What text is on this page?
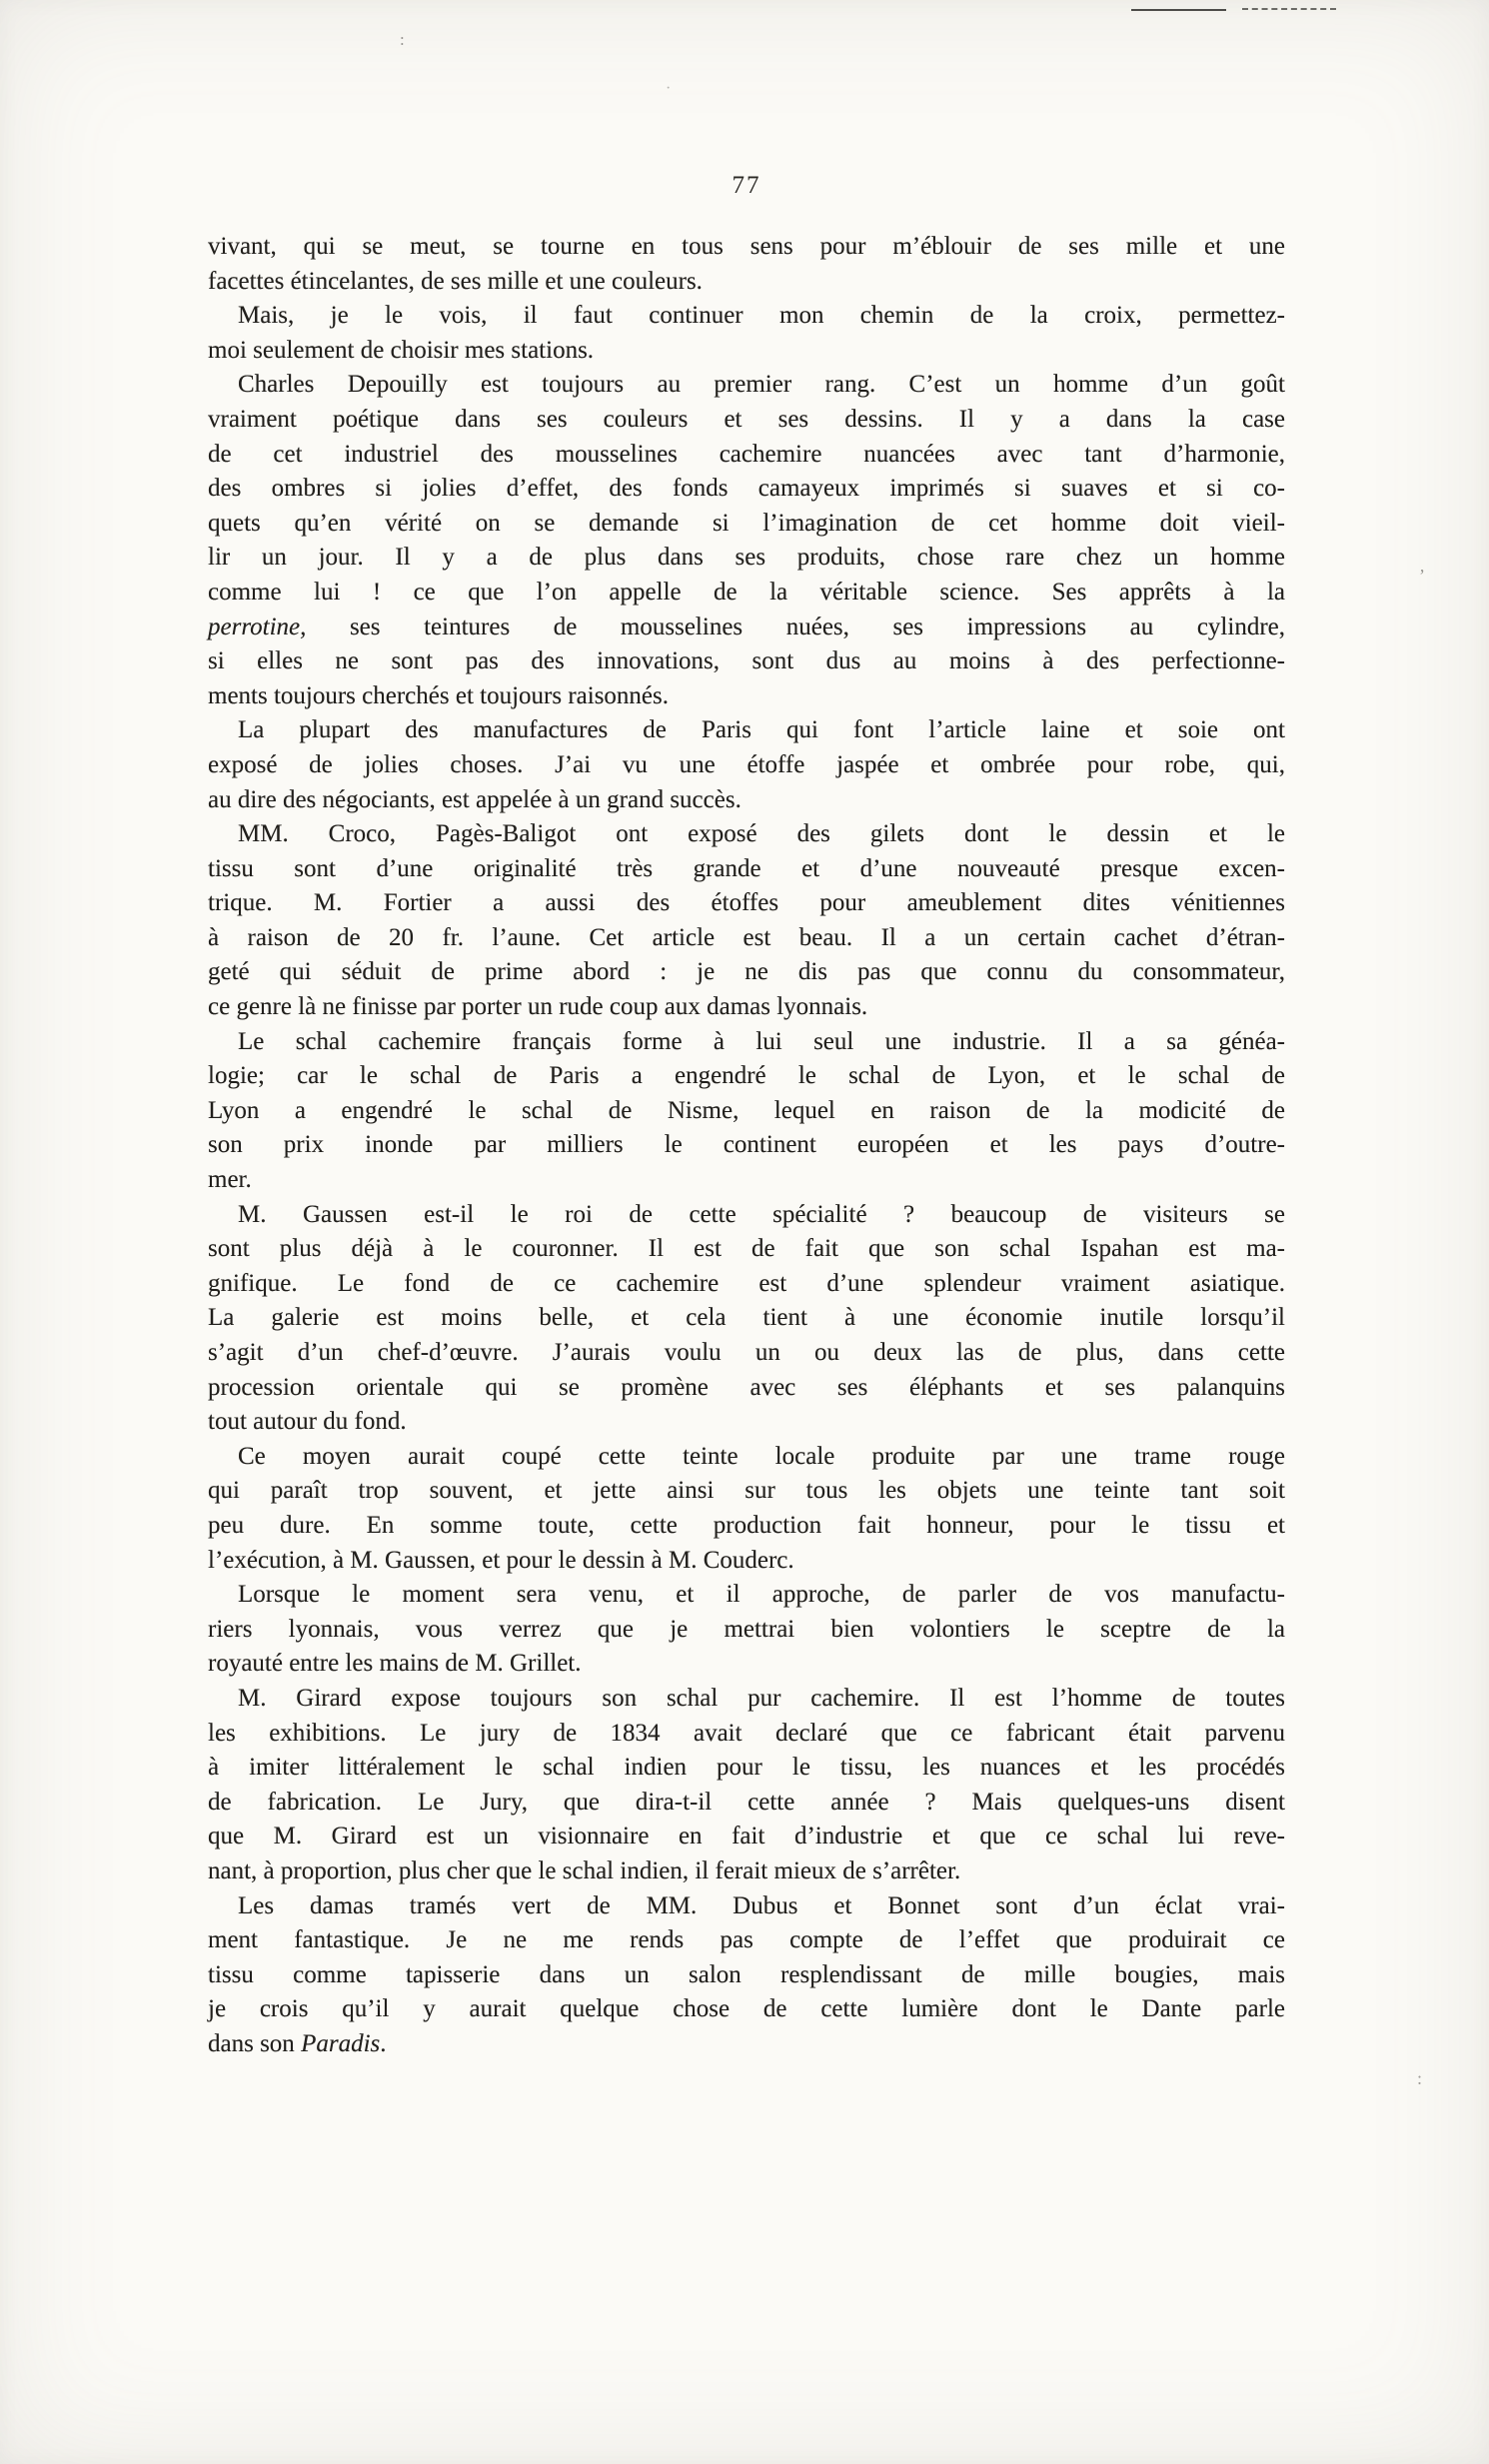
:
·
’
:
77
vivant, qui se meut, se tourne en tous sens pour m’éblouir de ses mille et une
facettes étincelantes, de ses mille et une couleurs.
Mais, je le vois, il faut continuer mon chemin de la croix, permettez-
moi seulement de choisir mes stations.
Charles Depouilly est toujours au premier rang. C’est un homme d’un goût
vraiment poétique dans ses couleurs et ses dessins. Il y a dans la case
de cet industriel des mousselines cachemire nuancées avec tant d’harmonie,
des ombres si jolies d’effet, des fonds camayeux imprimés si suaves et si co-
quets qu’en vérité on se demande si l’imagination de cet homme doit vieil-
lir un jour. Il y a de plus dans ses produits, chose rare chez un homme
comme lui ! ce que l’on appelle de la véritable science. Ses apprêts à la
perrotine, ses teintures de mousselines nuées, ses impressions au cylindre,
si elles ne sont pas des innovations, sont dus au moins à des perfectionne-
ments toujours cherchés et toujours raisonnés.
La plupart des manufactures de Paris qui font l’article laine et soie ont
exposé de jolies choses. J’ai vu une étoffe jaspée et ombrée pour robe, qui,
au dire des négociants, est appelée à un grand succès.
MM. Croco, Pagès-Baligot ont exposé des gilets dont le dessin et le
tissu sont d’une originalité très grande et d’une nouveauté presque excen-
trique. M. Fortier a aussi des étoffes pour ameublement dites vénitiennes
à raison de 20 fr. l’aune. Cet article est beau. Il a un certain cachet d’étran-
geté qui séduit de prime abord : je ne dis pas que connu du consommateur,
ce genre là ne finisse par porter un rude coup aux damas lyonnais.
Le schal cachemire français forme à lui seul une industrie. Il a sa généa-
logie; car le schal de Paris a engendré le schal de Lyon, et le schal de
Lyon a engendré le schal de Nisme, lequel en raison de la modicité de
son prix inonde par milliers le continent européen et les pays d’outre-
mer.
M. Gaussen est-il le roi de cette spécialité ? beaucoup de visiteurs se
sont plus déjà à le couronner. Il est de fait que son schal Ispahan est ma-
gnifique. Le fond de ce cachemire est d’une splendeur vraiment asiatique.
La galerie est moins belle, et cela tient à une économie inutile lorsqu’il
s’agit d’un chef-d’œuvre. J’aurais voulu un ou deux las de plus, dans cette
procession orientale qui se promène avec ses éléphants et ses palanquins
tout autour du fond.
Ce moyen aurait coupé cette teinte locale produite par une trame rouge
qui paraît trop souvent, et jette ainsi sur tous les objets une teinte tant soit
peu dure. En somme toute, cette production fait honneur, pour le tissu et
l’exécution, à M. Gaussen, et pour le dessin à M. Couderc.
Lorsque le moment sera venu, et il approche, de parler de vos manufactu-
riers lyonnais, vous verrez que je mettrai bien volontiers le sceptre de la
royauté entre les mains de M. Grillet.
M. Girard expose toujours son schal pur cachemire. Il est l’homme de toutes
les exhibitions. Le jury de 1834 avait declaré que ce fabricant était parvenu
à imiter littéralement le schal indien pour le tissu, les nuances et les procédés
de fabrication. Le Jury, que dira-t-il cette année ? Mais quelques-uns disent
que M. Girard est un visionnaire en fait d’industrie et que ce schal lui reve-
nant, à proportion, plus cher que le schal indien, il ferait mieux de s’arrêter.
Les damas tramés vert de MM. Dubus et Bonnet sont d’un éclat vrai-
ment fantastique. Je ne me rends pas compte de l’effet que produirait ce
tissu comme tapisserie dans un salon resplendissant de mille bougies, mais
je crois qu’il y aurait quelque chose de cette lumière dont le Dante parle
dans son Paradis.
